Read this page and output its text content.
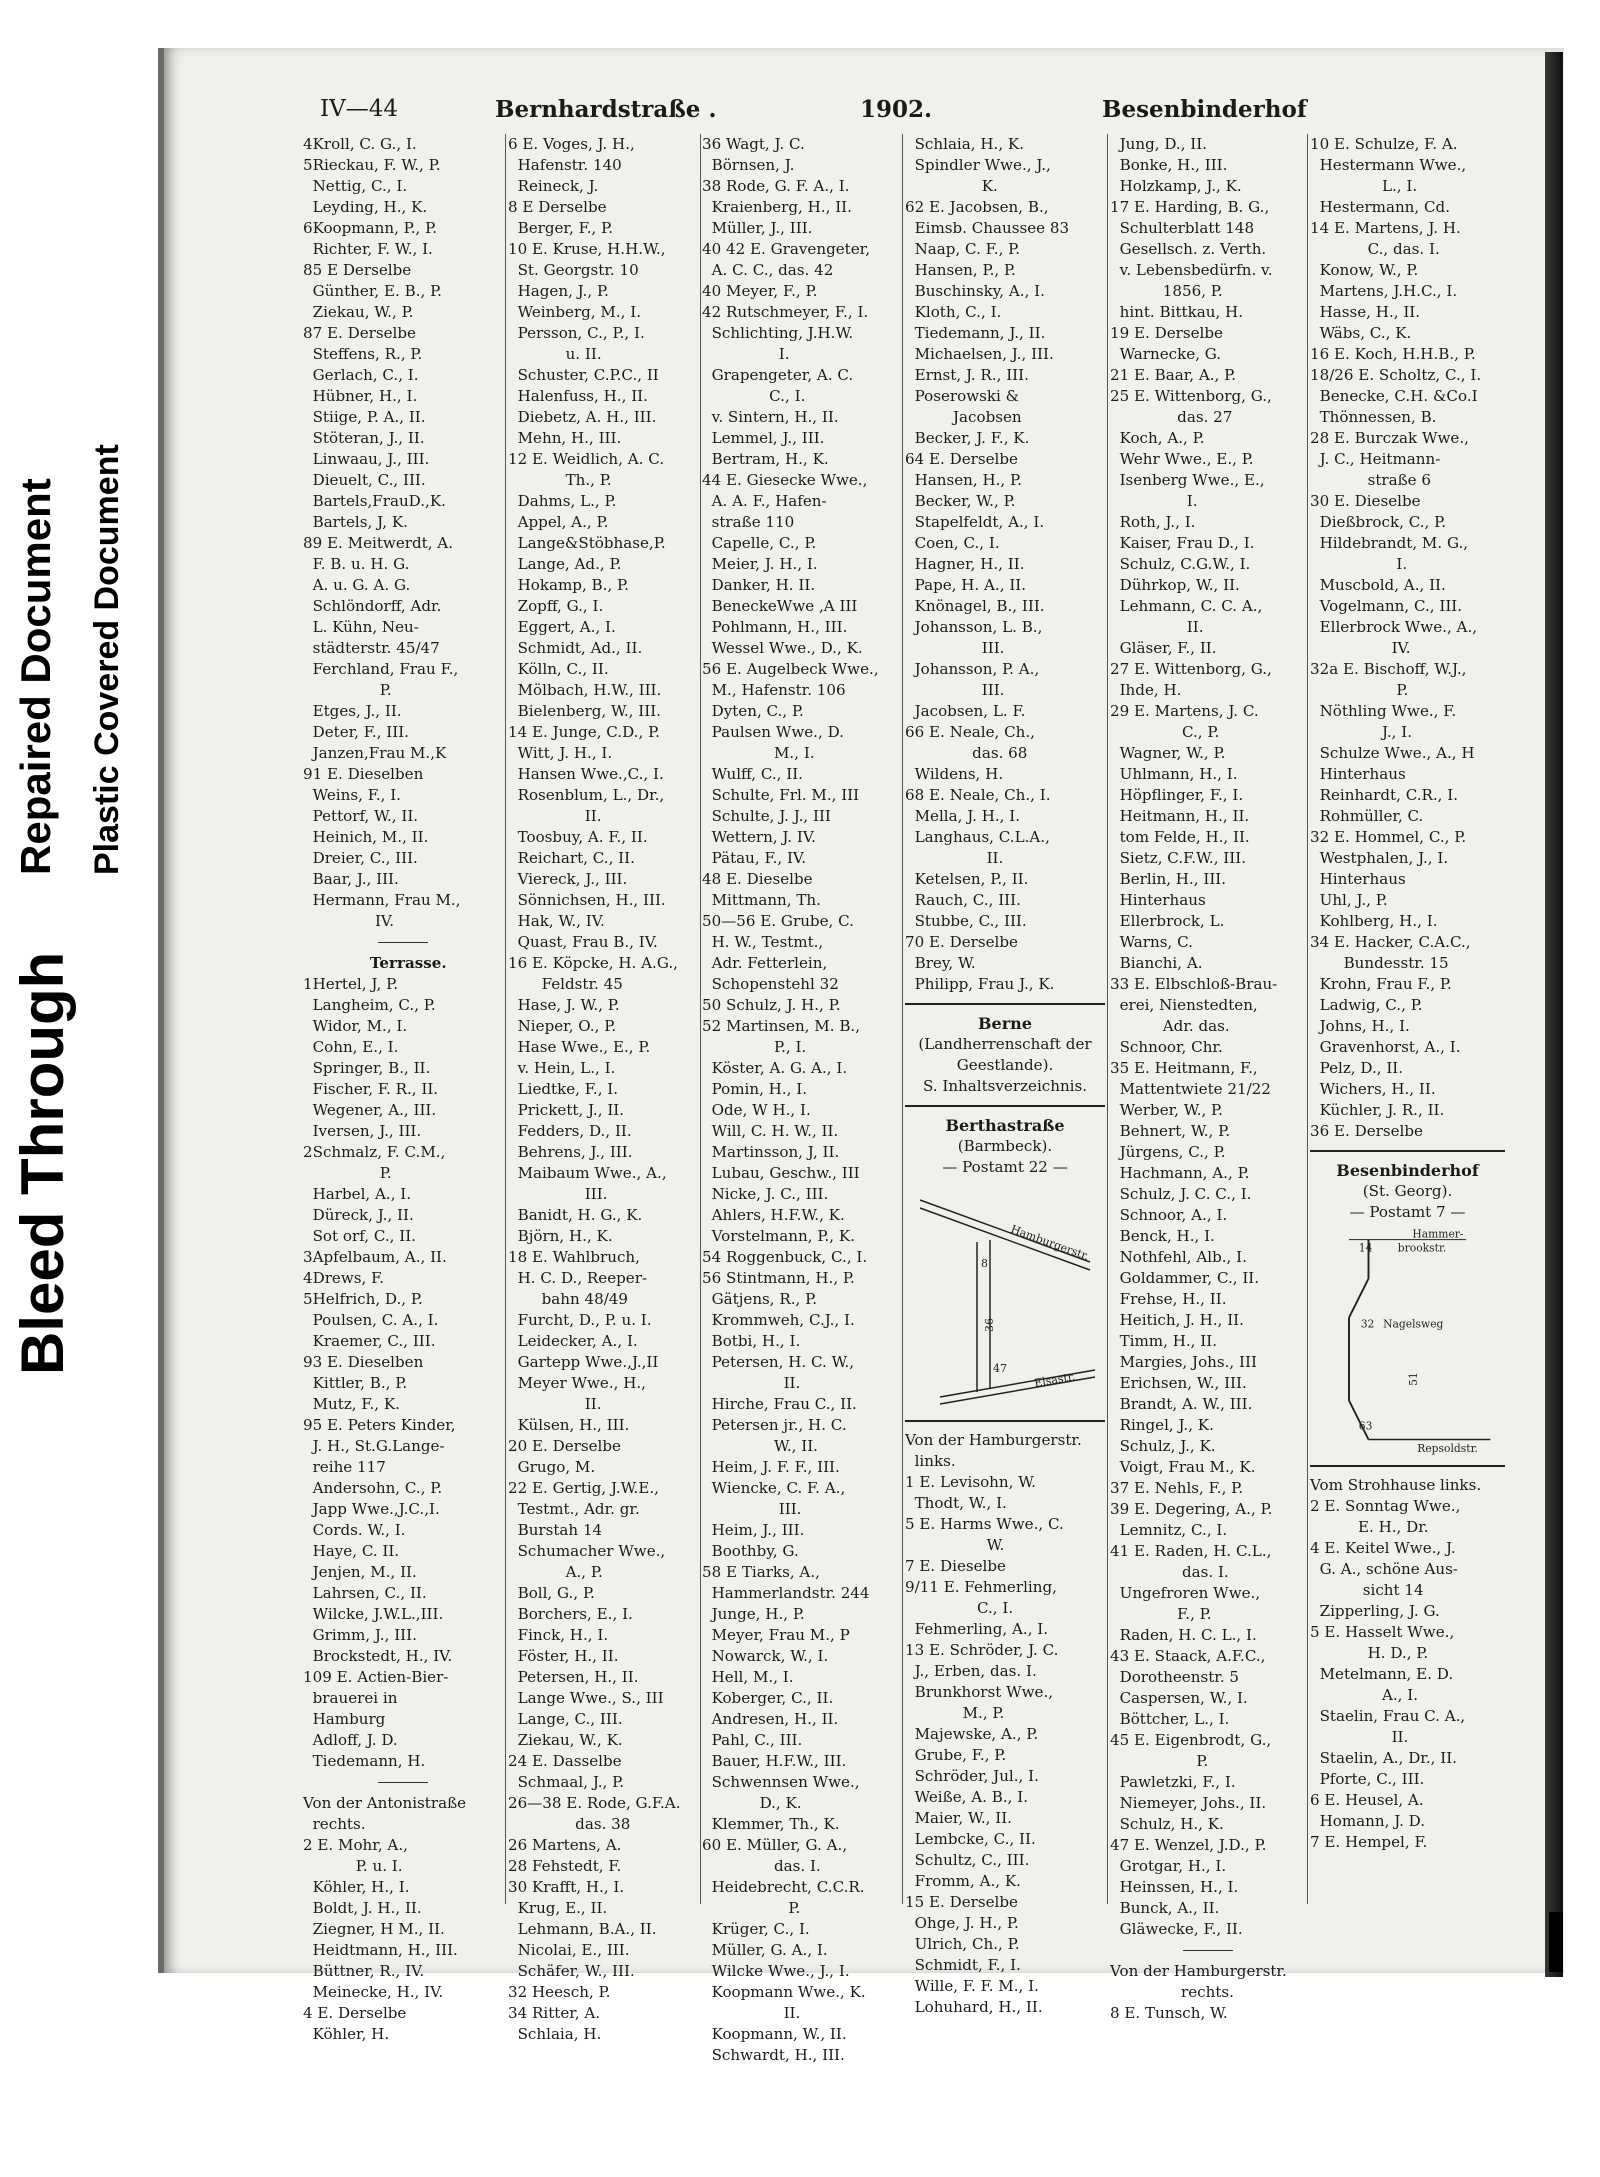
Bleed Through
Repaired Document Plastic Covered Document
IV—44	Bernhardstraße .	1902.	Besenbinderhof
4Kroll, C. G., I.
5Rieckau, F. W., P.
Nettig, C., I.
Leyding, H., K.
6Koopmann, P., P.
Richter, F. W., I.
85 E Derselbe
Günther, E. B., P.
Ziekau, W., P.
87 E. Derselbe
Steffens, R., P.
Gerlach, C., I.
Hübner, H., I.
Stiige, P. A., II.
Stöteran, J., II.
Linwaau, J., III.
Dieuelt, C., III.
Bartels,FrauD.,K.
Bartels, J, K.
89 E. Meitwerdt, A.
F. B. u. H. G.
A. u. G. A. G.
Schlöndorff, Adr.
L. Kühn, Neu-
städterstr. 45/47
Ferchland, Frau F.,
P.
Etges, J., II.
Deter, F., III.
Janzen,Frau M.,K
91 E. Dieselben
Weins, F., I.
Pettorf, W., II.
Heinich, M., II.
Dreier, C., III.
Baar, J., III.
Hermann, Frau M.,
IV.
Terrasse.
1Hertel, J, P.
Langheim, C., P.
Widor, M., I.
Cohn, E., I.
Springer, B., II.
Fischer, F. R., II.
Wegener, A., III.
Iversen, J., III.
2Schmalz, F. C.M.,
P.
Harbel, A., I.
Düreck, J., II.
Sot orf, C., II.
3Apfelbaum, A., II.
4Drews, F.
5Helfrich, D., P.
Poulsen, C. A., I.
Kraemer, C., III.
93 E. Dieselben
Kittler, B., P.
Mutz, F., K.
95 E. Peters Kinder,
J. H., St.G.Lange-
reihe 117
Andersohn, C., P.
Japp Wwe.,J.C.,I.
Cords. W., I.
Haye, C. II.
Jenjen, M., II.
Lahrsen, C., II.
Wilcke, J.W.L.,III.
Grimm, J., III.
Brockstedt, H., IV.
109 E. Actien-Bier-
brauerei in
Hamburg
Adloff, J. D.
Tiedemann, H.
Von der Antonistraße
rechts.
2 E. Mohr, A.,
P. u. I.
Köhler, H., I.
Boldt, J. H., II.
Ziegner, H M., II.
Heidtmann, H., III.
Büttner, R., IV.
Meinecke, H., IV.
4 E. Derselbe
Köhler, H.
6 E. Voges, J. H.,
Hafenstr. 140
Reineck, J.
8 E Derselbe
Berger, F., P.
10 E. Kruse, H.H.W.,
St. Georgstr. 10
Hagen, J., P.
Weinberg, M., I.
Persson, C., P., I.
u. II.
Schuster, C.P.C., II
Halenfuss, H., II.
Diebetz, A. H., III.
Mehn, H., III.
12 E. Weidlich, A. C.
Th., P.
Dahms, L., P.
Appel, A., P.
Lange&Stöbhase,P.
Lange, Ad., P.
Hokamp, B., P.
Zopff, G., I.
Eggert, A., I.
Schmidt, Ad., II.
Kölln, C., II.
Mölbach, H.W., III.
Bielenberg, W., III.
14 E. Junge, C.D., P.
Witt, J. H., I.
Hansen Wwe.,C., I.
Rosenblum, L., Dr.,
II.
Toosbuy, A. F., II.
Reichart, C., II.
Viereck, J., III.
Sönnichsen, H., III.
Hak, W., IV.
Quast, Frau B., IV.
16 E. Köpcke, H. A.G.,
Feldstr. 45
Hase, J. W., P.
Nieper, O., P.
Hase Wwe., E., P.
v. Hein, L., I.
Liedtke, F., I.
Prickett, J., II.
Fedders, D., II.
Behrens, J., III.
Maibaum Wwe., A.,
III.
Banidt, H. G., K.
Björn, H., K.
18 E. Wahlbruch,
H. C. D., Reeper-
bahn 48/49
Furcht, D., P. u. I.
Leidecker, A., I.
Gartepp Wwe.,J.,II
Meyer Wwe., H.,
II.
Külsen, H., III.
20 E. Derselbe
Grugo, M.
22 E. Gertig, J.W.E.,
Testmt., Adr. gr.
Burstah 14
Schumacher Wwe.,
A., P.
Boll, G., P.
Borchers, E., I.
Finck, H., I.
Föster, H., II.
Petersen, H., II.
Lange Wwe., S., III
Lange, C., III.
Ziekau, W., K.
24 E. Dasselbe
Schmaal, J., P.
26—38 E. Rode, G.F.A.
das. 38
26 Martens, A.
28 Fehstedt, F.
30 Krafft, H., I.
Krug, E., II.
Lehmann, B.A., II.
Nicolai, E., III.
Schäfer, W., III.
32 Heesch, P.
34 Ritter, A.
Schlaia, H.
36 Wagt, J. C.
Börnsen, J.
38 Rode, G. F. A., I.
Kraienberg, H., II.
Müller, J., III.
40 42 E. Gravengeter,
A. C. C., das. 42
40 Meyer, F., P.
42 Rutschmeyer, F., I.
Schlichting, J.H.W.
I.
Grapengeter, A. C.
C., I.
v. Sintern, H., II.
Lemmel, J., III.
Bertram, H., K.
44 E. Giesecke Wwe.,
A. A. F., Hafen-
straße 110
Capelle, C., P.
Meier, J. H., I.
Danker, H. II.
BeneckeWwe ,A III
Pohlmann, H., III.
Wessel Wwe., D., K.
56 E. Augelbeck Wwe.,
M., Hafenstr. 106
Dyten, C., P.
Paulsen Wwe., D.
M., I.
Wulff, C., II.
Schulte, Frl. M., III
Schulte, J. J., III
Wettern, J. IV.
Pätau, F., IV.
48 E. Dieselbe
Mittmann, Th.
50—56 E. Grube, C.
H. W., Testmt.,
Adr. Fetterlein,
Schopenstehl 32
50 Schulz, J. H., P.
52 Martinsen, M. B.,
P., I.
Köster, A. G. A., I.
Pomin, H., I.
Ode, W H., I.
Will, C. H. W., II.
Martinsson, J, II.
Lubau, Geschw., III
Nicke, J. C., III.
Ahlers, H.F.W., K.
Vorstelmann, P., K.
54 Roggenbuck, C., I.
56 Stintmann, H., P.
Gätjens, R., P.
Krommweh, C.J., I.
Botbi, H., I.
Petersen, H. C. W.,
II.
Hirche, Frau C., II.
Petersen jr., H. C.
W., II.
Heim, J. F. F., III.
Wiencke, C. F. A.,
III.
Heim, J., III.
Boothby, G.
58 E Tiarks, A.,
Hammerlandstr. 244
Junge, H., P.
Meyer, Frau M., P
Nowarck, W., I.
Hell, M., I.
Koberger, C., II.
Andresen, H., II.
Pahl, C., III.
Bauer, H.F.W., III.
Schwennsen Wwe.,
D., K.
Klemmer, Th., K.
60 E. Müller, G. A.,
das. I.
Heidebrecht, C.C.R.
P.
Krüger, C., I.
Müller, G. A., I.
Wilcke Wwe., J., I.
Koopmann Wwe., K.
II.
Koopmann, W., II.
Schwardt, H., III.
Schlaia, H., K.
Spindler Wwe., J.,
K.
62 E. Jacobsen, B.,
Eimsb. Chaussee 83
Naap, C. F., P.
Hansen, P., P.
Buschinsky, A., I.
Kloth, C., I.
Tiedemann, J., II.
Michaelsen, J., III.
Ernst, J. R., III.
Poserowski &
Jacobsen
Becker, J. F., K.
64 E. Derselbe
Hansen, H., P.
Becker, W., P.
Stapelfeldt, A., I.
Coen, C., I.
Hagner, H., II.
Pape, H. A., II.
Knönagel, B., III.
Johansson, L. B.,
III.
Johansson, P. A.,
III.
Jacobsen, L. F.
66 E. Neale, Ch.,
das. 68
Wildens, H.
68 E. Neale, Ch., I.
Mella, J. H., I.
Langhaus, C.L.A.,
II.
Ketelsen, P., II.
Rauch, C., III.
Stubbe, C., III.
70 E. Derselbe
Brey, W.
Philipp, Frau J., K.
Berne
(Landherrenschaft der
Geestlande).
S. Inhaltsverzeichnis.
Berthastraße
(Barmbeck).
— Postamt 22 —
Hamburgerstr.
8
36
47
Elsastr.
Von der Hamburgerstr.
links.
1 E. Levisohn, W.
Thodt, W., I.
5 E. Harms Wwe., C.
W.
7 E. Dieselbe
9/11 E. Fehmerling,
C., I.
Fehmerling, A., I.
13 E. Schröder, J. C.
J., Erben, das. I.
Brunkhorst Wwe.,
M., P.
Majewske, A., P.
Grube, F., P.
Schröder, Jul., I.
Weiße, A. B., I.
Maier, W., II.
Lembcke, C., II.
Schultz, C., III.
Fromm, A., K.
15 E. Derselbe
Ohge, J. H., P.
Ulrich, Ch., P.
Schmidt, F., I.
Wille, F. F. M., I.
Lohuhard, H., II.
Jung, D., II.
Bonke, H., III.
Holzkamp, J., K.
17 E. Harding, B. G.,
Schulterblatt 148
Gesellsch. z. Verth.
v. Lebensbedürfn. v.
1856, P.
hint. Bittkau, H.
19 E. Derselbe
Warnecke, G.
21 E. Baar, A., P.
25 E. Wittenborg, G.,
das. 27
Koch, A., P.
Wehr Wwe., E., P.
Isenberg Wwe., E.,
I.
Roth, J., I.
Kaiser, Frau D., I.
Schulz, C.G.W., I.
Dührkop, W., II.
Lehmann, C. C. A.,
II.
Gläser, F., II.
27 E. Wittenborg, G.,
Ihde, H.
29 E. Martens, J. C.
C., P.
Wagner, W., P.
Uhlmann, H., I.
Höpflinger, F., I.
Heitmann, H., II.
tom Felde, H., II.
Sietz, C.F.W., III.
Berlin, H., III.
Hinterhaus
Ellerbrock, L.
Warns, C.
Bianchi, A.
33 E. Elbschloß-Brau-
erei, Nienstedten,
Adr. das.
Schnoor, Chr.
35 E. Heitmann, F.,
Mattentwiete 21/22
Werber, W., P.
Behnert, W., P.
Jürgens, C., P.
Hachmann, A., P.
Schulz, J. C. C., I.
Schnoor, A., I.
Benck, H., I.
Nothfehl, Alb., I.
Goldammer, C., II.
Frehse, H., II.
Heitich, J. H., II.
Timm, H., II.
Margies, Johs., III
Erichsen, W., III.
Brandt, A. W., III.
Ringel, J., K.
Schulz, J., K.
Voigt, Frau M., K.
37 E. Nehls, F., P.
39 E. Degering, A., P.
Lemnitz, C., I.
41 E. Raden, H. C.L.,
das. I.
Ungefroren Wwe.,
F., P.
Raden, H. C. L., I.
43 E. Staack, A.F.C.,
Dorotheenstr. 5
Caspersen, W., I.
Böttcher, L., I.
45 E. Eigenbrodt, G.,
P.
Pawletzki, F., I.
Niemeyer, Johs., II.
Schulz, H., K.
47 E. Wenzel, J.D., P.
Grotgar, H., I.
Heinssen, H., I.
Bunck, A., II.
Gläwecke, F., II.
Von der Hamburgerstr.
rechts.
8 E. Tunsch, W.
10 E. Schulze, F. A.
Hestermann Wwe.,
L., I.
Hestermann, Cd.
14 E. Martens, J. H.
C., das. I.
Konow, W., P.
Martens, J.H.C., I.
Hasse, H., II.
Wäbs, C., K.
16 E. Koch, H.H.B., P.
18/26 E. Scholtz, C., I.
Benecke, C.H. &Co.I
Thönnessen, B.
28 E. Burczak Wwe.,
J. C., Heitmann-
straße 6
30 E. Dieselbe
Dießbrock, C., P.
Hildebrandt, M. G.,
I.
Muscbold, A., II.
Vogelmann, C., III.
Ellerbrock Wwe., A.,
IV.
32a E. Bischoff, W.J.,
P.
Nöthling Wwe., F.
J., I.
Schulze Wwe., A., H
Hinterhaus
Reinhardt, C.R., I.
Rohmüller, C.
32 E. Hommel, C., P.
Westphalen, J., I.
Hinterhaus
Uhl, J., P.
Kohlberg, H., I.
34 E. Hacker, C.A.C.,
Bundesstr. 15
Krohn, Frau F., P.
Ladwig, C., P.
Johns, H., I.
Gravenhorst, A., I.
Pelz, D., II.
Wichers, H., II.
Küchler, J. R., II.
36 E. Derselbe
Besenbinderhof
(St. Georg).
— Postamt 7 —
Hammer-
brookstr.
14
32 Nagelsweg
51
63
Repsoldstr.
Vom Strohhause links.
2 E. Sonntag Wwe.,
E. H., Dr.
4 E. Keitel Wwe., J.
G. A., schöne Aus-
sicht 14
Zipperling, J. G.
5 E. Hasselt Wwe.,
H. D., P.
Metelmann, E. D.
A., I.
Staelin, Frau C. A.,
II.
Staelin, A., Dr., II.
Pforte, C., III.
6 E. Heusel, A.
Homann, J. D.
7 E. Hempel, F.
